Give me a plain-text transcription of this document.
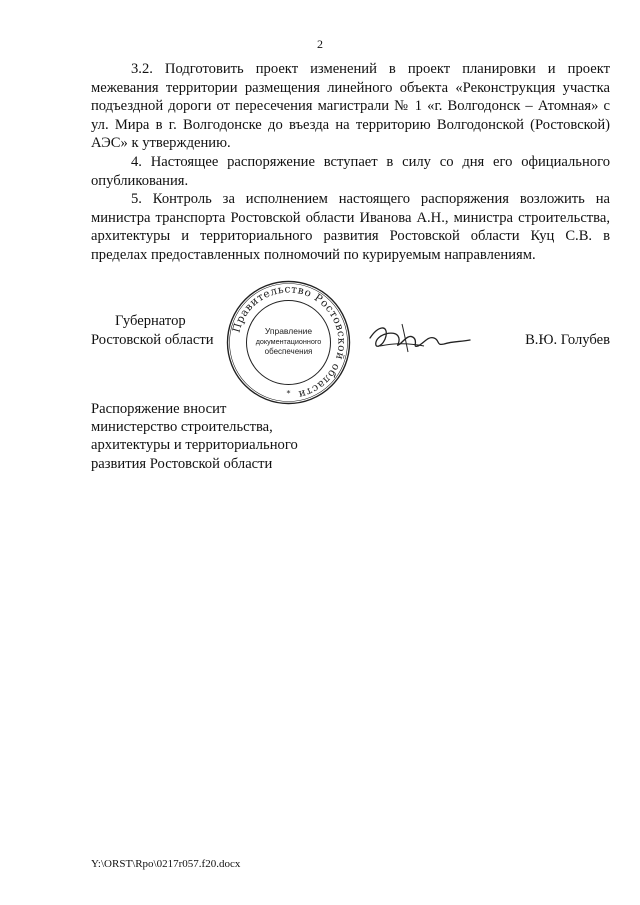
2

3.2. Подготовить проект изменений в проект планировки и проект межевания территории размещения линейного объекта «Реконструкция участка подъездной дороги от пересечения магистрали № 1 «г. Волгодонск – Атомная» с ул. Мира в г. Волгодонске до въезда на территорию Волгодонской (Ростовской) АЭС» к утверждению.

4. Настоящее распоряжение вступает в силу со дня его официального опубликования.

5. Контроль за исполнением настоящего распоряжения возложить на министра транспорта Ростовской области Иванова А.Н., министра строительства, архитектуры и территориального развития Ростовской области Куц С.В. в пределах предоставленных полномочий по курируемым направлениям.

Губернатор
Ростовской области	В.Ю. Голубев
Правительство Ростовской области
Управление
документационного
обеспечения
*
Распоряжение вносит
министерство строительства,
архитектуры и территориального
развития Ростовской области
Y:\ORST\Rpo\0217r057.f20.docx
